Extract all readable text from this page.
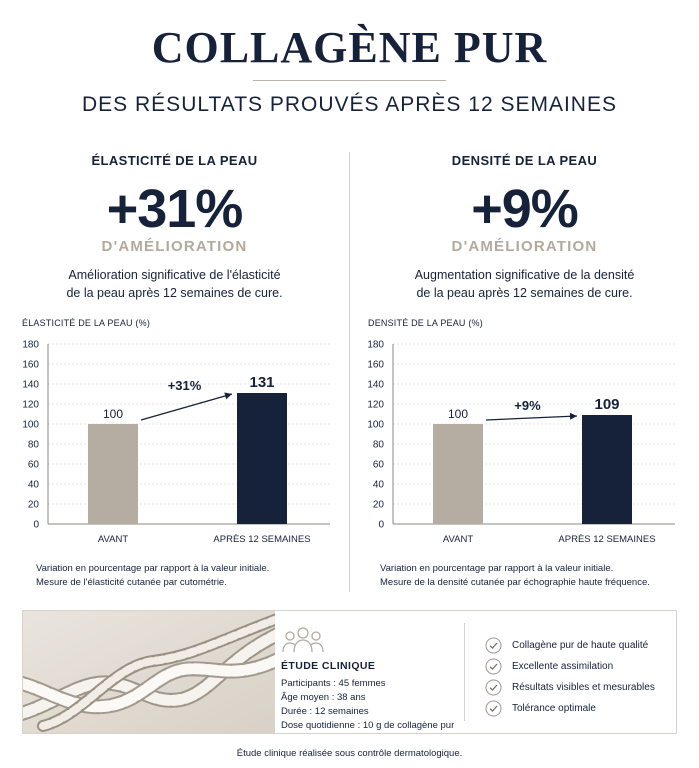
COLLAGÈNE PUR
DES RÉSULTATS PROUVÉS APRÈS 12 SEMAINES
ÉLASTICITÉ DE LA PEAU
+31%
D'AMÉLIORATION
Amélioration significative de l'élasticité
de la peau après 12 semaines de cure.
ÉLASTICITÉ DE LA PEAU (%)
0
20
40
60
80
100
120
140
160
180
100
AVANT
131
APRÈS 12 SEMAINES
+31%
Variation en pourcentage par rapport à la valeur initiale.
Mesure de l'élasticité cutanée par cutométrie.
DENSITÉ DE LA PEAU
+9%
D'AMÉLIORATION
Augmentation significative de la densité
de la peau après 12 semaines de cure.
DENSITÉ DE LA PEAU (%)
0
20
40
60
80
100
120
140
160
180
100
AVANT
109
APRÈS 12 SEMAINES
+9%
Variation en pourcentage par rapport à la valeur initiale.
Mesure de la densité cutanée par échographie haute fréquence.
ÉTUDE CLINIQUE
Participants : 45 femmes
Âge moyen : 38 ans
Durée : 12 semaines
Dose quotidienne : 10 g de collagène pur
Collagène pur de haute qualité
Excellente assimilation
Résultats visibles et mesurables
Tolérance optimale
Étude clinique réalisée sous contrôle dermatologique.
